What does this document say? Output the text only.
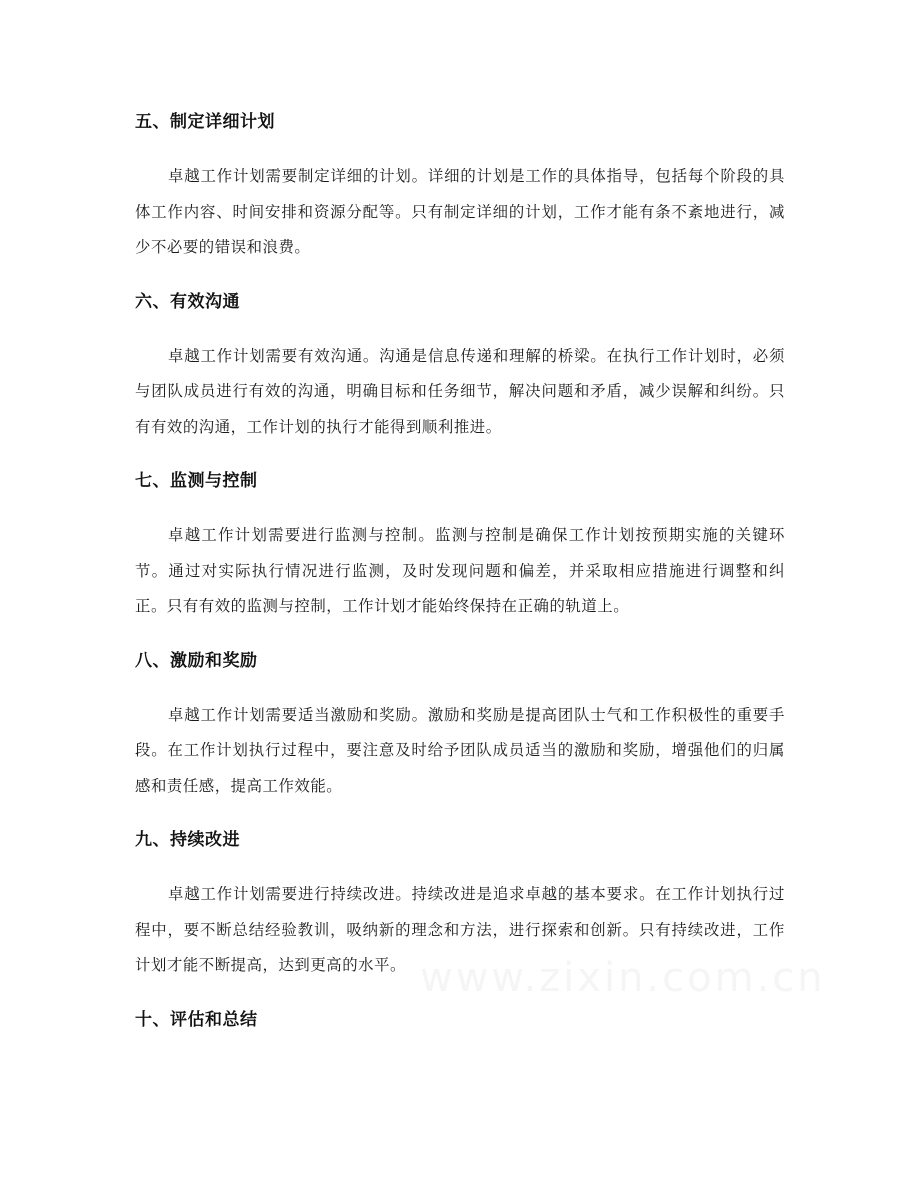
五、制定详细计划

卓越工作计划需要制定详细的计划。详细的计划是工作的具体指导，包括每个阶段的具体工作内容、时间安排和资源分配等。只有制定详细的计划，工作才能有条不紊地进行，减少不必要的错误和浪费。

六、有效沟通

卓越工作计划需要有效沟通。沟通是信息传递和理解的桥梁。在执行工作计划时，必须与团队成员进行有效的沟通，明确目标和任务细节，解决问题和矛盾，减少误解和纠纷。只有有效的沟通，工作计划的执行才能得到顺利推进。

七、监测与控制

卓越工作计划需要进行监测与控制。监测与控制是确保工作计划按预期实施的关键环节。通过对实际执行情况进行监测，及时发现问题和偏差，并采取相应措施进行调整和纠正。只有有效的监测与控制，工作计划才能始终保持在正确的轨道上。

八、激励和奖励

卓越工作计划需要适当激励和奖励。激励和奖励是提高团队士气和工作积极性的重要手段。在工作计划执行过程中，要注意及时给予团队成员适当的激励和奖励，增强他们的归属感和责任感，提高工作效能。

九、持续改进

卓越工作计划需要进行持续改进。持续改进是追求卓越的基本要求。在工作计划执行过程中，要不断总结经验教训，吸纳新的理念和方法，进行探索和创新。只有持续改进，工作计划才能不断提高，达到更高的水平。

十、评估和总结
www.zixin.com.cn
